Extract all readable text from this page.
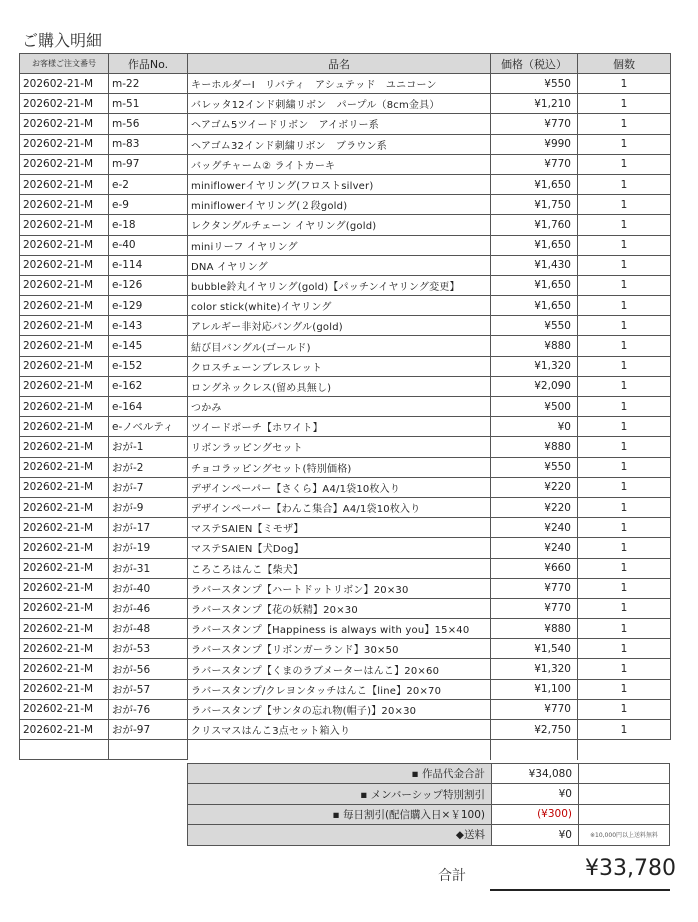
ご購入明細
お客様ご注文番号	作品No.	品名	価格（税込）	個数
202602-21-M	m-22	キーホルダーⅠ　リバティ　アシュテッド　ユニコーン	¥550	1
202602-21-M	m-51	バレッタ12インド刺繍リボン　パープル（8cm金具）	¥1,210	1
202602-21-M	m-56	ヘアゴム5ツイードリボン　アイボリー系	¥770	1
202602-21-M	m-83	ヘアゴム32インド刺繍リボン　ブラウン系	¥990	1
202602-21-M	m-97	バッグチャーム② ライトカーキ	¥770	1
202602-21-M	e-2	miniflowerイヤリング(フロストsilver)	¥1,650	1
202602-21-M	e-9	miniflowerイヤリング(２段gold)	¥1,750	1
202602-21-M	e-18	レクタングルチェーン イヤリング(gold)	¥1,760	1
202602-21-M	e-40	miniリーフ イヤリング	¥1,650	1
202602-21-M	e-114	DNA イヤリング	¥1,430	1
202602-21-M	e-126	bubble鈴丸イヤリング(gold)【パッチンイヤリング変更】	¥1,650	1
202602-21-M	e-129	color stick(white)イヤリング	¥1,650	1
202602-21-M	e-143	アレルギー非対応バングル(gold)	¥550	1
202602-21-M	e-145	結び目バングル(ゴールド)	¥880	1
202602-21-M	e-152	クロスチェーンブレスレット	¥1,320	1
202602-21-M	e-162	ロングネックレス(留め具無し)	¥2,090	1
202602-21-M	e-164	つかみ	¥500	1
202602-21-M	e-ノベルティ	ツイードポーチ【ホワイト】	¥0	1
202602-21-M	おが-1	リボンラッピングセット	¥880	1
202602-21-M	おが-2	チョコラッピングセット(特別価格)	¥550	1
202602-21-M	おが-7	デザインペーパー【さくら】A4/1袋10枚入り	¥220	1
202602-21-M	おが-9	デザインペーパー【わんこ集合】A4/1袋10枚入り	¥220	1
202602-21-M	おが-17	マステSAIEN【ミモザ】	¥240	1
202602-21-M	おが-19	マステSAIEN【犬Dog】	¥240	1
202602-21-M	おが-31	ころころはんこ【柴犬】	¥660	1
202602-21-M	おが-40	ラバースタンプ【ハートドットリボン】20×30	¥770	1
202602-21-M	おが-46	ラバースタンプ【花の妖精】20×30	¥770	1
202602-21-M	おが-48	ラバースタンプ【Happiness is always with you】15×40	¥880	1
202602-21-M	おが-53	ラバースタンプ【リボンガーランド】30×50	¥1,540	1
202602-21-M	おが-56	ラバースタンプ【くまのラブメーターはんこ】20×60	¥1,320	1
202602-21-M	おが-57	ラバースタンプ/クレヨンタッチはんこ【line】20×70	¥1,100	1
202602-21-M	おが-76	ラバースタンプ【サンタの忘れ物(帽子)】20×30	¥770	1
202602-21-M	おが-97	クリスマスはんこ3点セット箱入り	¥2,750	1

▪ 作品代金合計	¥34,080	
▪ メンバーシップ特別割引	¥0	
▪ 毎日割引(配信購入日×￥100)	(¥300)	
◆送料	¥0	※10,000円以上送料無料
合計	¥33,780
